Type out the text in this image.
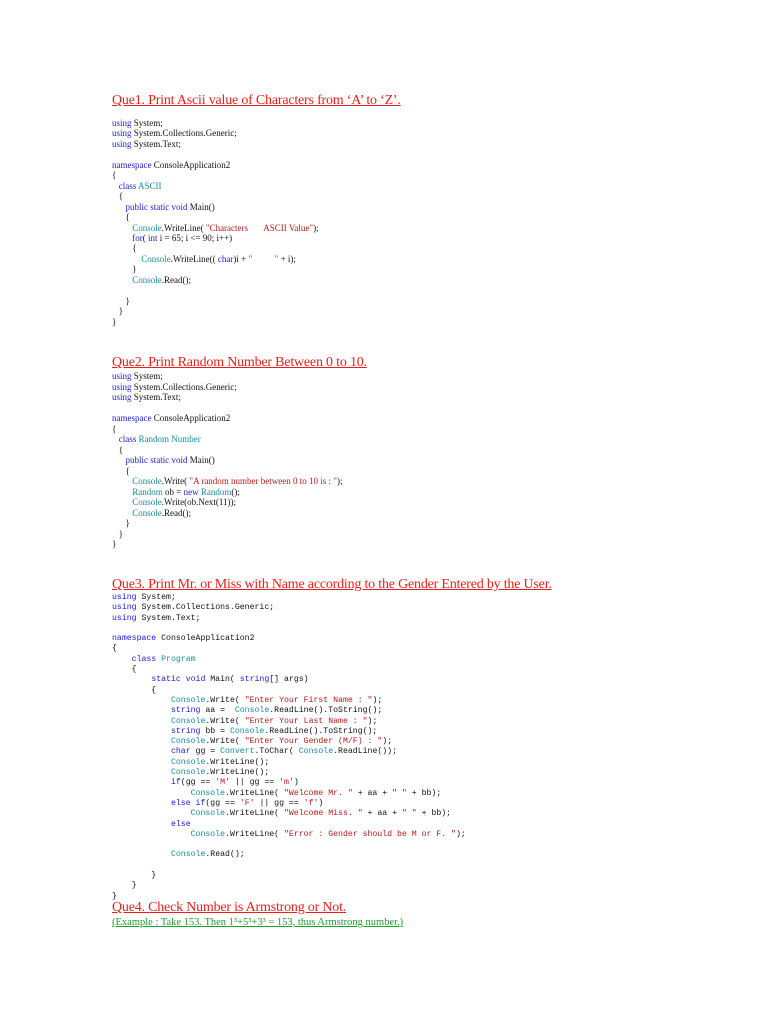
Que1. Print Ascii value of Characters from ‘A’ to ‘Z’.

using System;
using System.Collections.Generic;
using System.Text;

namespace ConsoleApplication2
{
class ASCII
{
public static void Main()
{
Console.WriteLine( "Characters       ASCII Value");
for( int i = 65; i <= 90; i++)
{
Console.WriteLine(( char)i + "          " + i);
}
Console.Read();

}
}
}

Que2. Print Random Number Between 0 to 10.

using System;
using System.Collections.Generic;
using System.Text;

namespace ConsoleApplication2
{
class Random Number
{
public static void Main()
{
Console.Write( "A random number between 0 to 10 is : ");
Random ob = new Random();
Console.Write(ob.Next(11));
Console.Read();
}
}
}

Que3. Print Mr. or Miss with Name according to the Gender Entered by the User.

using System;
using System.Collections.Generic;
using System.Text;

namespace ConsoleApplication2
{
class Program
{
static void Main( string[] args)
{
Console.Write( "Enter Your First Name : ");
string aa =  Console.ReadLine().ToString();
Console.Write( "Enter Your Last Name : ");
string bb = Console.ReadLine().ToString();
Console.Write( "Enter Your Gender (M/F) : ");
char gg = Convert.ToChar( Console.ReadLine());
Console.WriteLine();
Console.WriteLine();
if(gg == 'M' || gg == 'm')
Console.WriteLine( "Welcome Mr. " + aa + " " + bb);
else if(gg == 'F' || gg == 'f')
Console.WriteLine( "Welcome Miss. " + aa + " " + bb);
else
Console.WriteLine( "Error : Gender should be M or F. ");

Console.Read();

}
}
}

Que4. Check Number is Armstrong or Not.

(Example : Take 153. Then 1³+5³+3³ = 153, thus Armstrong number.)
